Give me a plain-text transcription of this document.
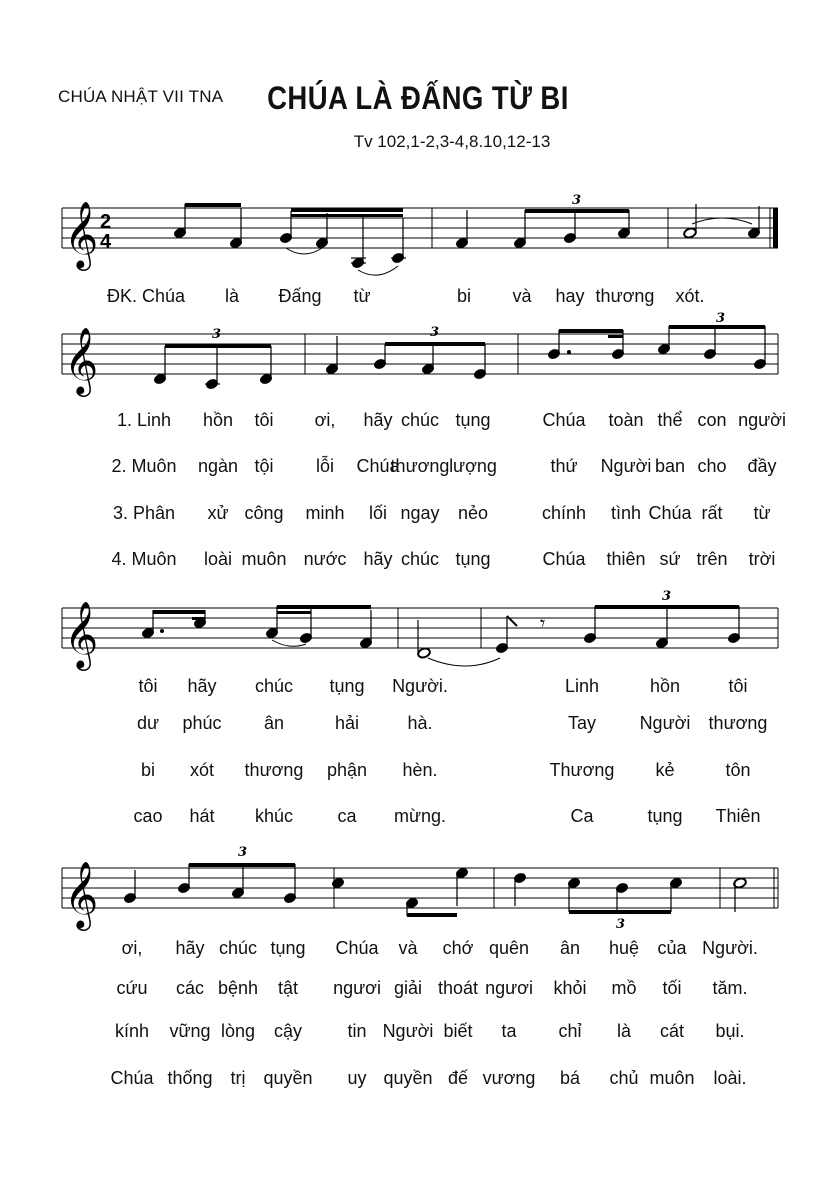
CHÚA NHẬT VII TNA	CHÚA LÀ ĐẤNG TỪ BI
Tv 102,1-2,3-4,8.10,12-13
𝄞 2
4
3
𝄞	3	3
3
𝄞	𝄾
3
𝄞
3
3
ĐK. Chúa là Đấng từ	bi và hay thương xót.
1. Linh hồn tôi ơi, hãy chúc tụng	Chúa toàn thể con người
2. Muôn ngàn tội lỗi Chúa
thương lượng	thứ Người ban cho đầy
3. Phân xử công minh lối ngay nẻo	chính tình Chúa rất từ
4. Muôn loài muôn nước hãy chúc tụng	Chúa thiên sứ trên trời
tôi hãy chúc tụng Người.	Linh	hồn	tôi
dư phúc ân	hải	hà.	Tay Người thương
bi xót thương phận hèn.	Thương kẻ	tôn
cao hát khúc ca mừng.	Ca	tụng Thiên
ơi, hãy chúc tụng Chúa và chớ quên ân huệ của Người.
cứu các bệnh tật ngươi giải thoát ngươi khỏi mồ tối tăm.
kính vững lòng cậy	tin Người biết ta chỉ là cát bụi.
Chúa thống trị quyền uy quyền đế vương bá chủ muôn loài.
